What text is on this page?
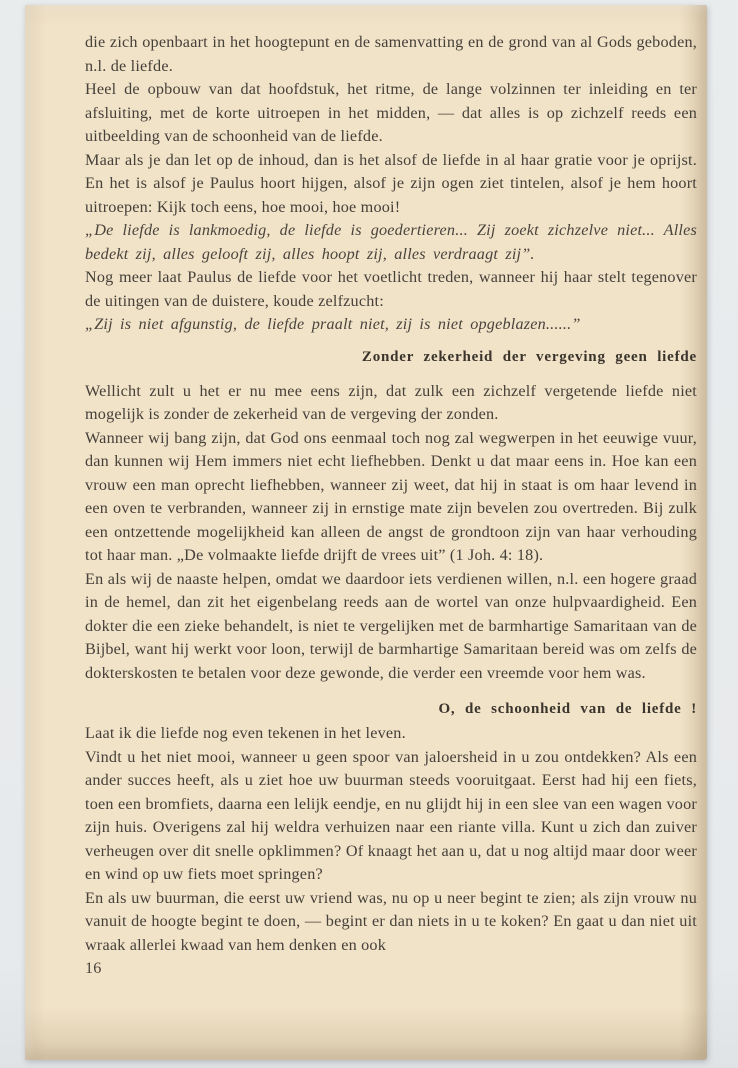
die zich openbaart in het hoogtepunt en de samenvatting en de grond van al Gods geboden, n.l. de liefde.

Heel de opbouw van dat hoofdstuk, het ritme, de lange volzinnen ter inleiding en ter afsluiting, met de korte uitroepen in het midden, — dat alles is op zichzelf reeds een uitbeelding van de schoonheid van de liefde.

Maar als je dan let op de inhoud, dan is het alsof de liefde in al haar gratie voor je oprijst. En het is alsof je Paulus hoort hijgen, alsof je zijn ogen ziet tintelen, alsof je hem hoort uitroepen: Kijk toch eens, hoe mooi, hoe mooi!

„De liefde is lankmoedig, de liefde is goedertieren... Zij zoekt zichzelve niet... Alles bedekt zij, alles gelooft zij, alles hoopt zij, alles verdraagt zij”.

Nog meer laat Paulus de liefde voor het voetlicht treden, wanneer hij haar stelt tegenover de uitingen van de duistere, koude zelfzucht:

„Zij is niet afgunstig, de liefde praalt niet, zij is niet opgeblazen......”

Zonder zekerheid der vergeving geen liefde

Wellicht zult u het er nu mee eens zijn, dat zulk een zichzelf vergetende liefde niet mogelijk is zonder de zekerheid van de vergeving der zonden.

Wanneer wij bang zijn, dat God ons eenmaal toch nog zal wegwerpen in het eeuwige vuur, dan kunnen wij Hem immers niet echt liefhebben. Denkt u dat maar eens in. Hoe kan een vrouw een man oprecht liefhebben, wanneer zij weet, dat hij in staat is om haar levend in een oven te verbranden, wanneer zij in ernstige mate zijn bevelen zou overtreden. Bij zulk een ontzettende mogelijkheid kan alleen de angst de grondtoon zijn van haar verhouding tot haar man. „De volmaakte liefde drijft de vrees uit” (1 Joh. 4: 18).

En als wij de naaste helpen, omdat we daardoor iets verdienen willen, n.l. een hogere graad in de hemel, dan zit het eigenbelang reeds aan de wortel van onze hulpvaardigheid. Een dokter die een zieke behandelt, is niet te vergelijken met de barmhartige Samaritaan van de Bijbel, want hij werkt voor loon, terwijl de barmhartige Samaritaan bereid was om zelfs de dokterskosten te betalen voor deze gewonde, die verder een vreemde voor hem was.

O, de schoonheid van de liefde !

Laat ik die liefde nog even tekenen in het leven.

Vindt u het niet mooi, wanneer u geen spoor van jaloersheid in u zou ontdekken? Als een ander succes heeft, als u ziet hoe uw buurman steeds vooruitgaat. Eerst had hij een fiets, toen een bromfiets, daarna een lelijk eendje, en nu glijdt hij in een slee van een wagen voor zijn huis. Overigens zal hij weldra verhuizen naar een riante villa. Kunt u zich dan zuiver verheugen over dit snelle opklimmen? Of knaagt het aan u, dat u nog altijd maar door weer en wind op uw fiets moet springen?

En als uw buurman, die eerst uw vriend was, nu op u neer begint te zien; als zijn vrouw nu vanuit de hoogte begint te doen, — begint er dan niets in u te koken? En gaat u dan niet uit wraak allerlei kwaad van hem denken en ook

16
